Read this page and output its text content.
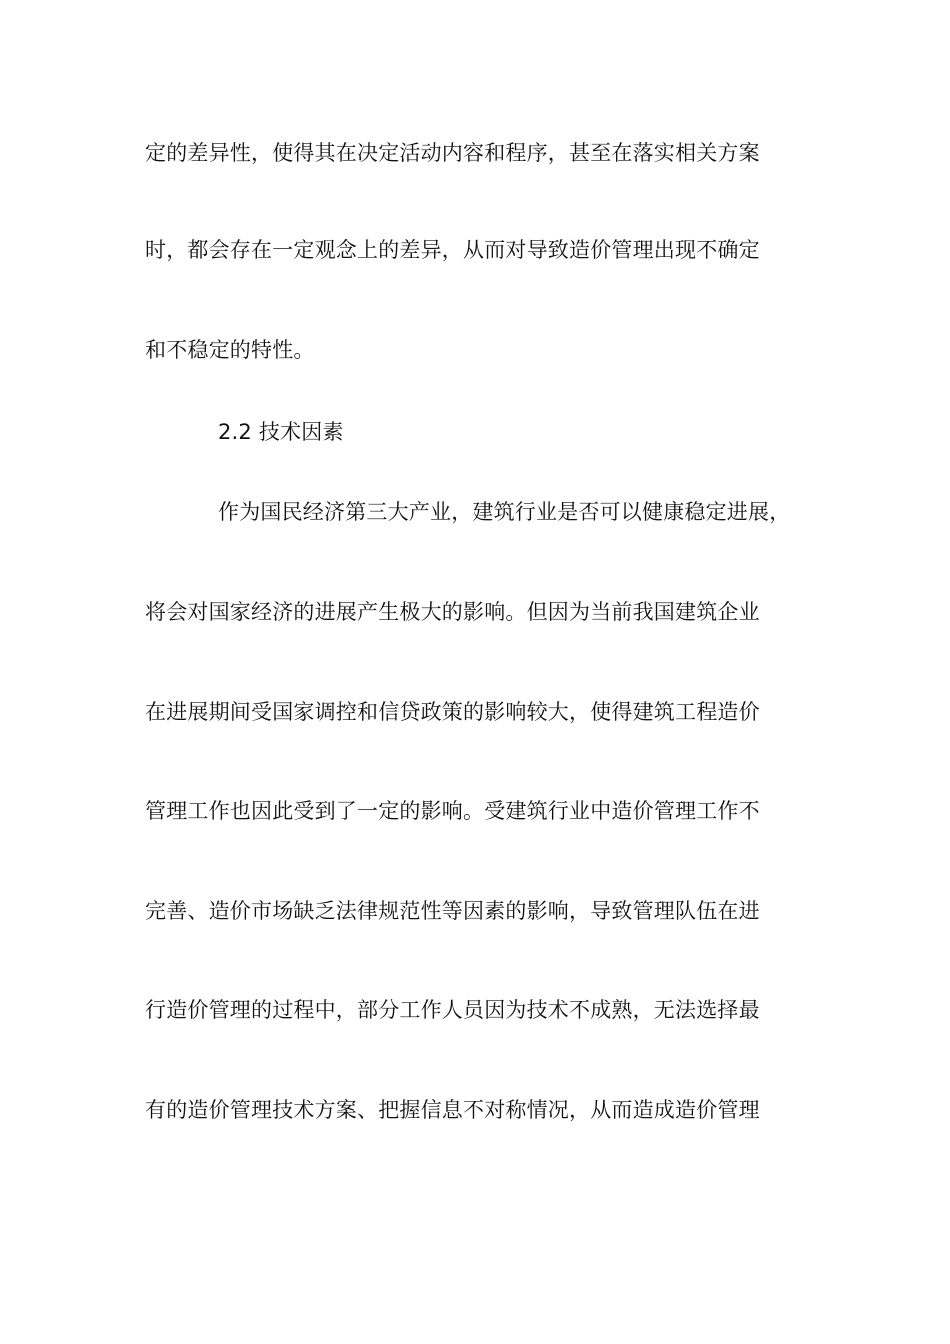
定的差异性，使得其在决定活动内容和程序，甚至在落实相关方案
时，都会存在一定观念上的差异，从而对导致造价管理出现不确定
和不稳定的特性。
2.2 技术因素
作为国民经济第三大产业，建筑行业是否可以健康稳定进展，
将会对国家经济的进展产生极大的影响。但因为当前我国建筑企业
在进展期间受国家调控和信贷政策的影响较大，使得建筑工程造价
管理工作也因此受到了一定的影响。受建筑行业中造价管理工作不
完善、造价市场缺乏法律规范性等因素的影响，导致管理队伍在进
行造价管理的过程中，部分工作人员因为技术不成熟，无法选择最
有的造价管理技术方案、把握信息不对称情况，从而造成造价管理
